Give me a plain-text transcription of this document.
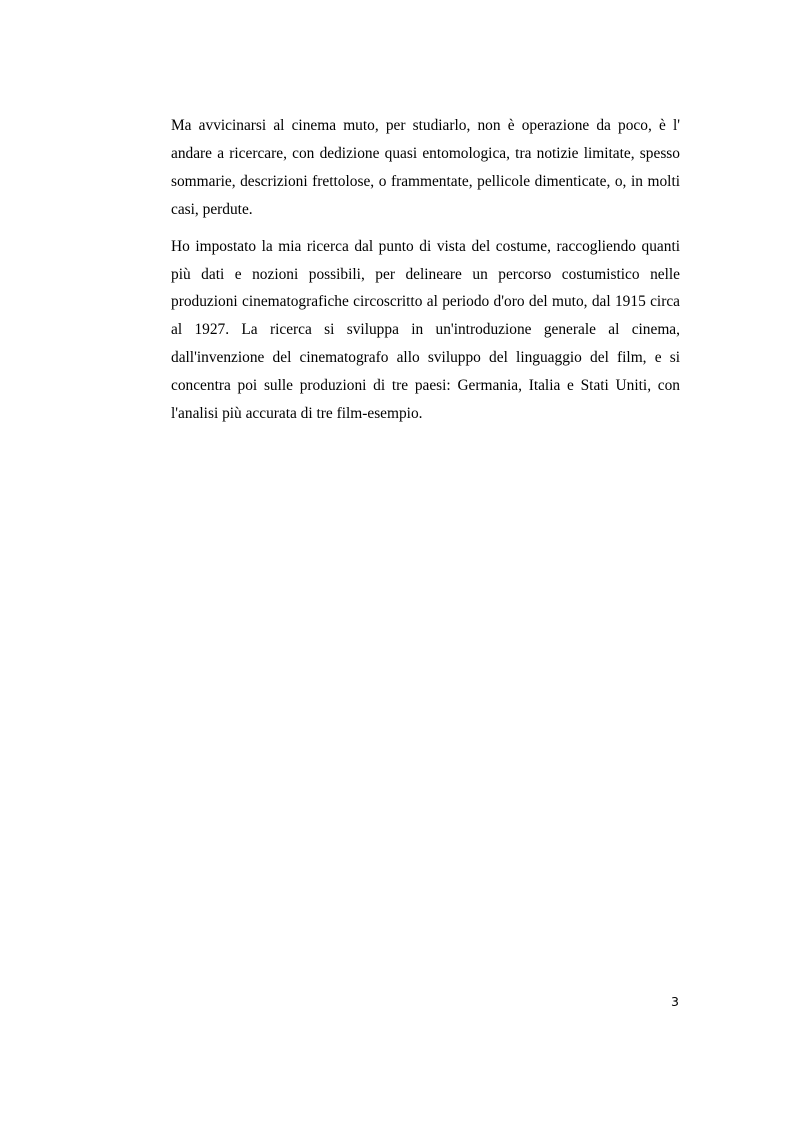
Ma avvicinarsi al cinema muto, per studiarlo, non è operazione da poco, è l' andare a ricercare, con dedizione quasi entomologica, tra notizie limitate, spesso sommarie, descrizioni frettolose, o frammentate, pellicole dimenticate, o, in molti casi, perdute.

Ho impostato la mia ricerca dal punto di vista del costume, raccogliendo quanti più dati e nozioni possibili, per delineare un percorso costumistico nelle produzioni cinematografiche circoscritto al periodo d'oro del muto, dal 1915 circa al 1927. La ricerca si sviluppa in un'introduzione generale al cinema, dall'invenzione del cinematografo allo sviluppo del linguaggio del film, e si concentra poi sulle produzioni di tre paesi: Germania, Italia e Stati Uniti, con l'analisi più accurata di tre film-esempio.

3
